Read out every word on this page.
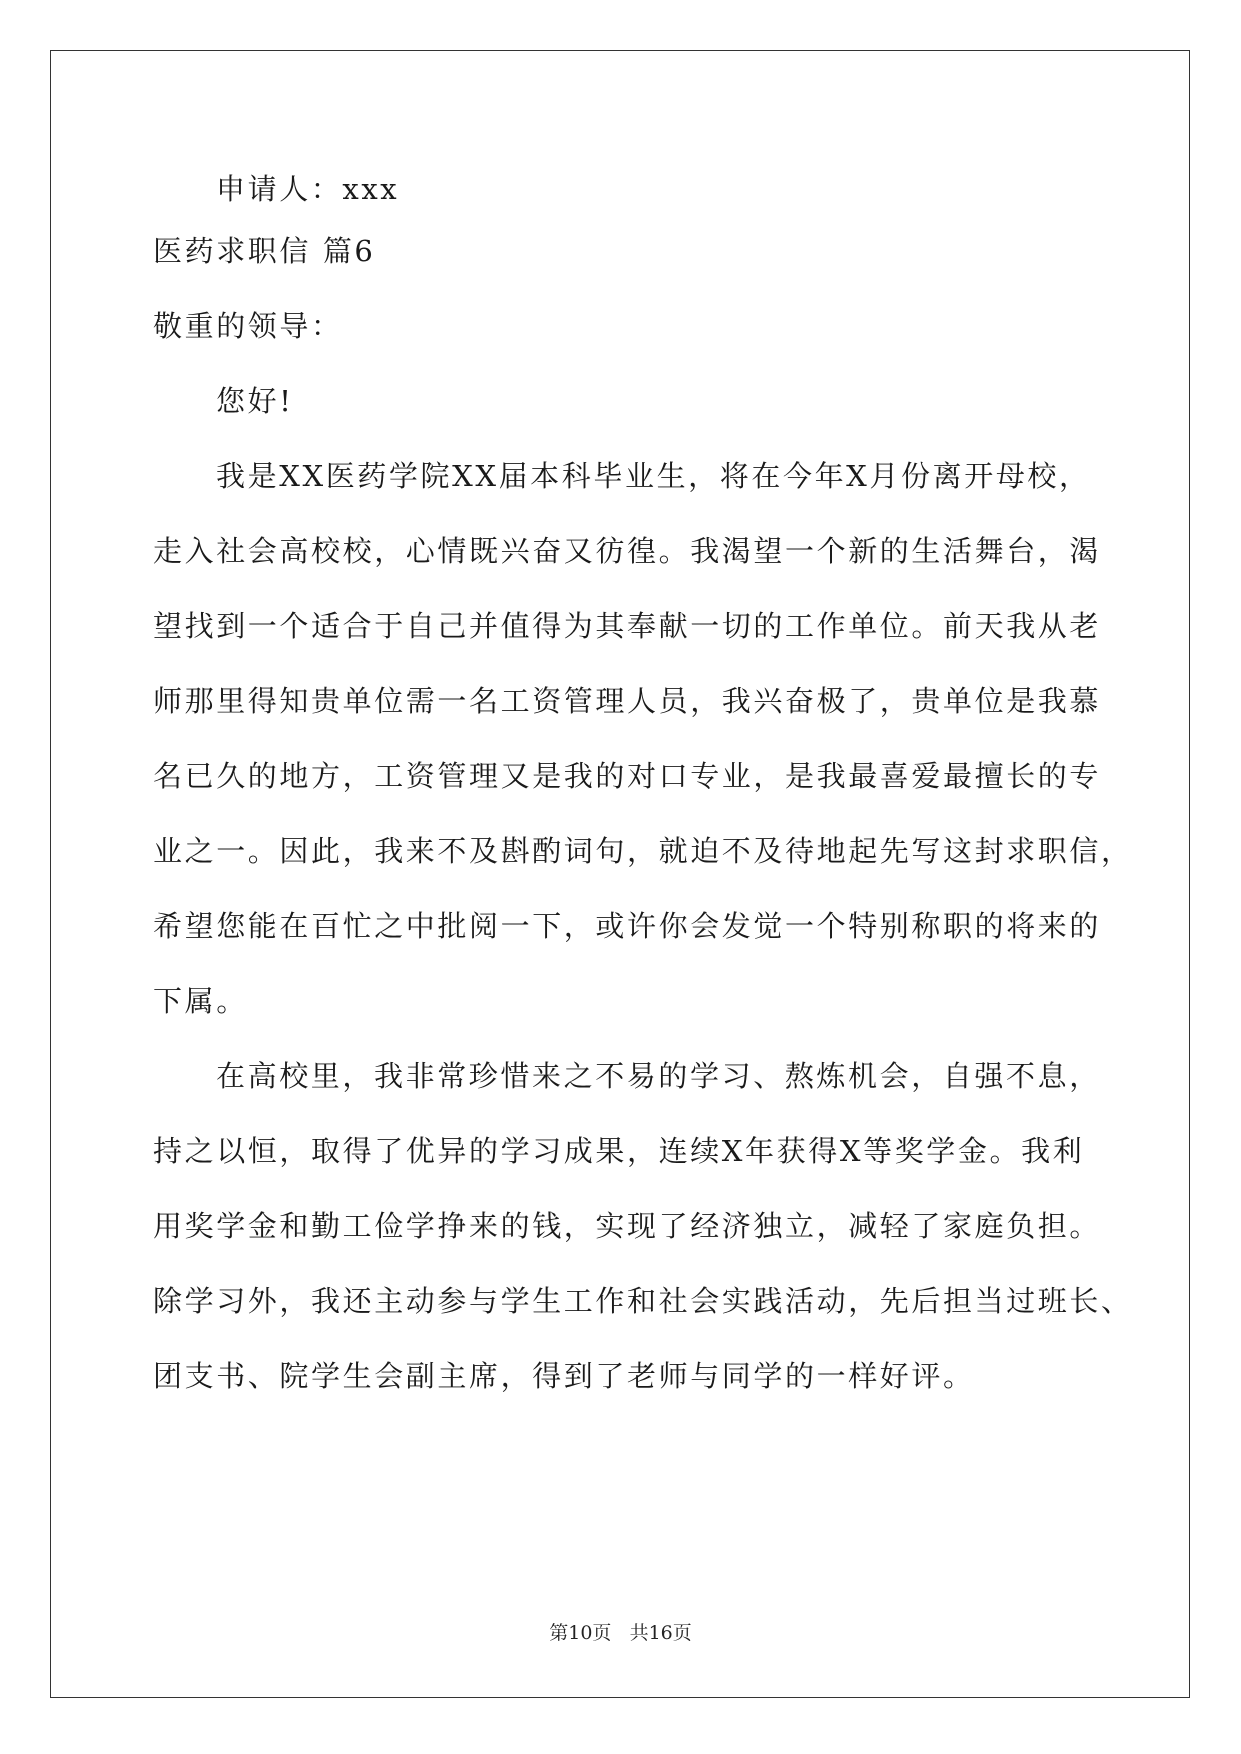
申请人：xxx

医药求职信 篇6

敬重的领导：

您好!

我是XX医药学院XX届本科毕业生，将在今年X月份离开母校，

走入社会高校校，心情既兴奋又彷徨。我渴望一个新的生活舞台，渴

望找到一个适合于自己并值得为其奉献一切的工作单位。前天我从老

师那里得知贵单位需一名工资管理人员，我兴奋极了，贵单位是我慕

名已久的地方，工资管理又是我的对口专业，是我最喜爱最擅长的专

业之一。因此，我来不及斟酌词句，就迫不及待地起先写这封求职信，

希望您能在百忙之中批阅一下，或许你会发觉一个特别称职的将来的

下属。

在高校里，我非常珍惜来之不易的学习、熬炼机会，自强不息，

持之以恒，取得了优异的学习成果，连续X年获得X等奖学金。我利

用奖学金和勤工俭学挣来的钱，实现了经济独立，减轻了家庭负担。

除学习外，我还主动参与学生工作和社会实践活动，先后担当过班长、

团支书、院学生会副主席，得到了老师与同学的一样好评。

第10页 共16页
